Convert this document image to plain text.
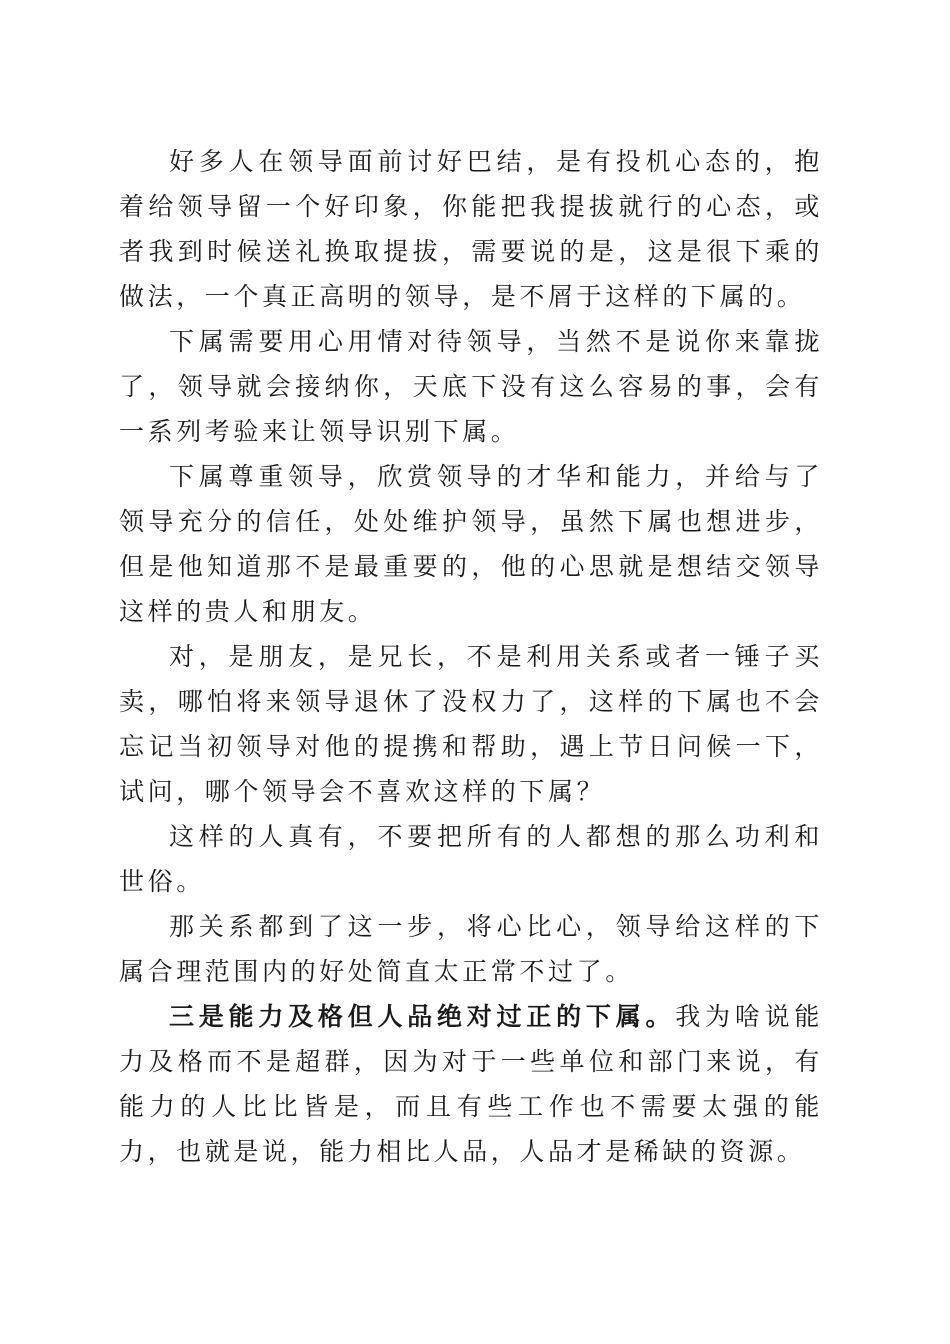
好多人在领导面前讨好巴结，是有投机心态的，抱着给领导留一个好印象，你能把我提拔就行的心态，或者我到时候送礼换取提拔，需要说的是，这是很下乘的做法，一个真正高明的领导，是不屑于这样的下属的。

下属需要用心用情对待领导，当然不是说你来靠拢了，领导就会接纳你，天底下没有这么容易的事，会有一系列考验来让领导识别下属。

下属尊重领导，欣赏领导的才华和能力，并给与了领导充分的信任，处处维护领导，虽然下属也想进步，但是他知道那不是最重要的，他的心思就是想结交领导这样的贵人和朋友。

对，是朋友，是兄长，不是利用关系或者一锤子买卖，哪怕将来领导退休了没权力了，这样的下属也不会忘记当初领导对他的提携和帮助，遇上节日问候一下，试问，哪个领导会不喜欢这样的下属？

这样的人真有，不要把所有的人都想的那么功利和世俗。

那关系都到了这一步，将心比心，领导给这样的下属合理范围内的好处简直太正常不过了。

三是能力及格但人品绝对过正的下属。我为啥说能力及格而不是超群，因为对于一些单位和部门来说，有能力的人比比皆是，而且有些工作也不需要太强的能力，也就是说，能力相比人品，人品才是稀缺的资源。
